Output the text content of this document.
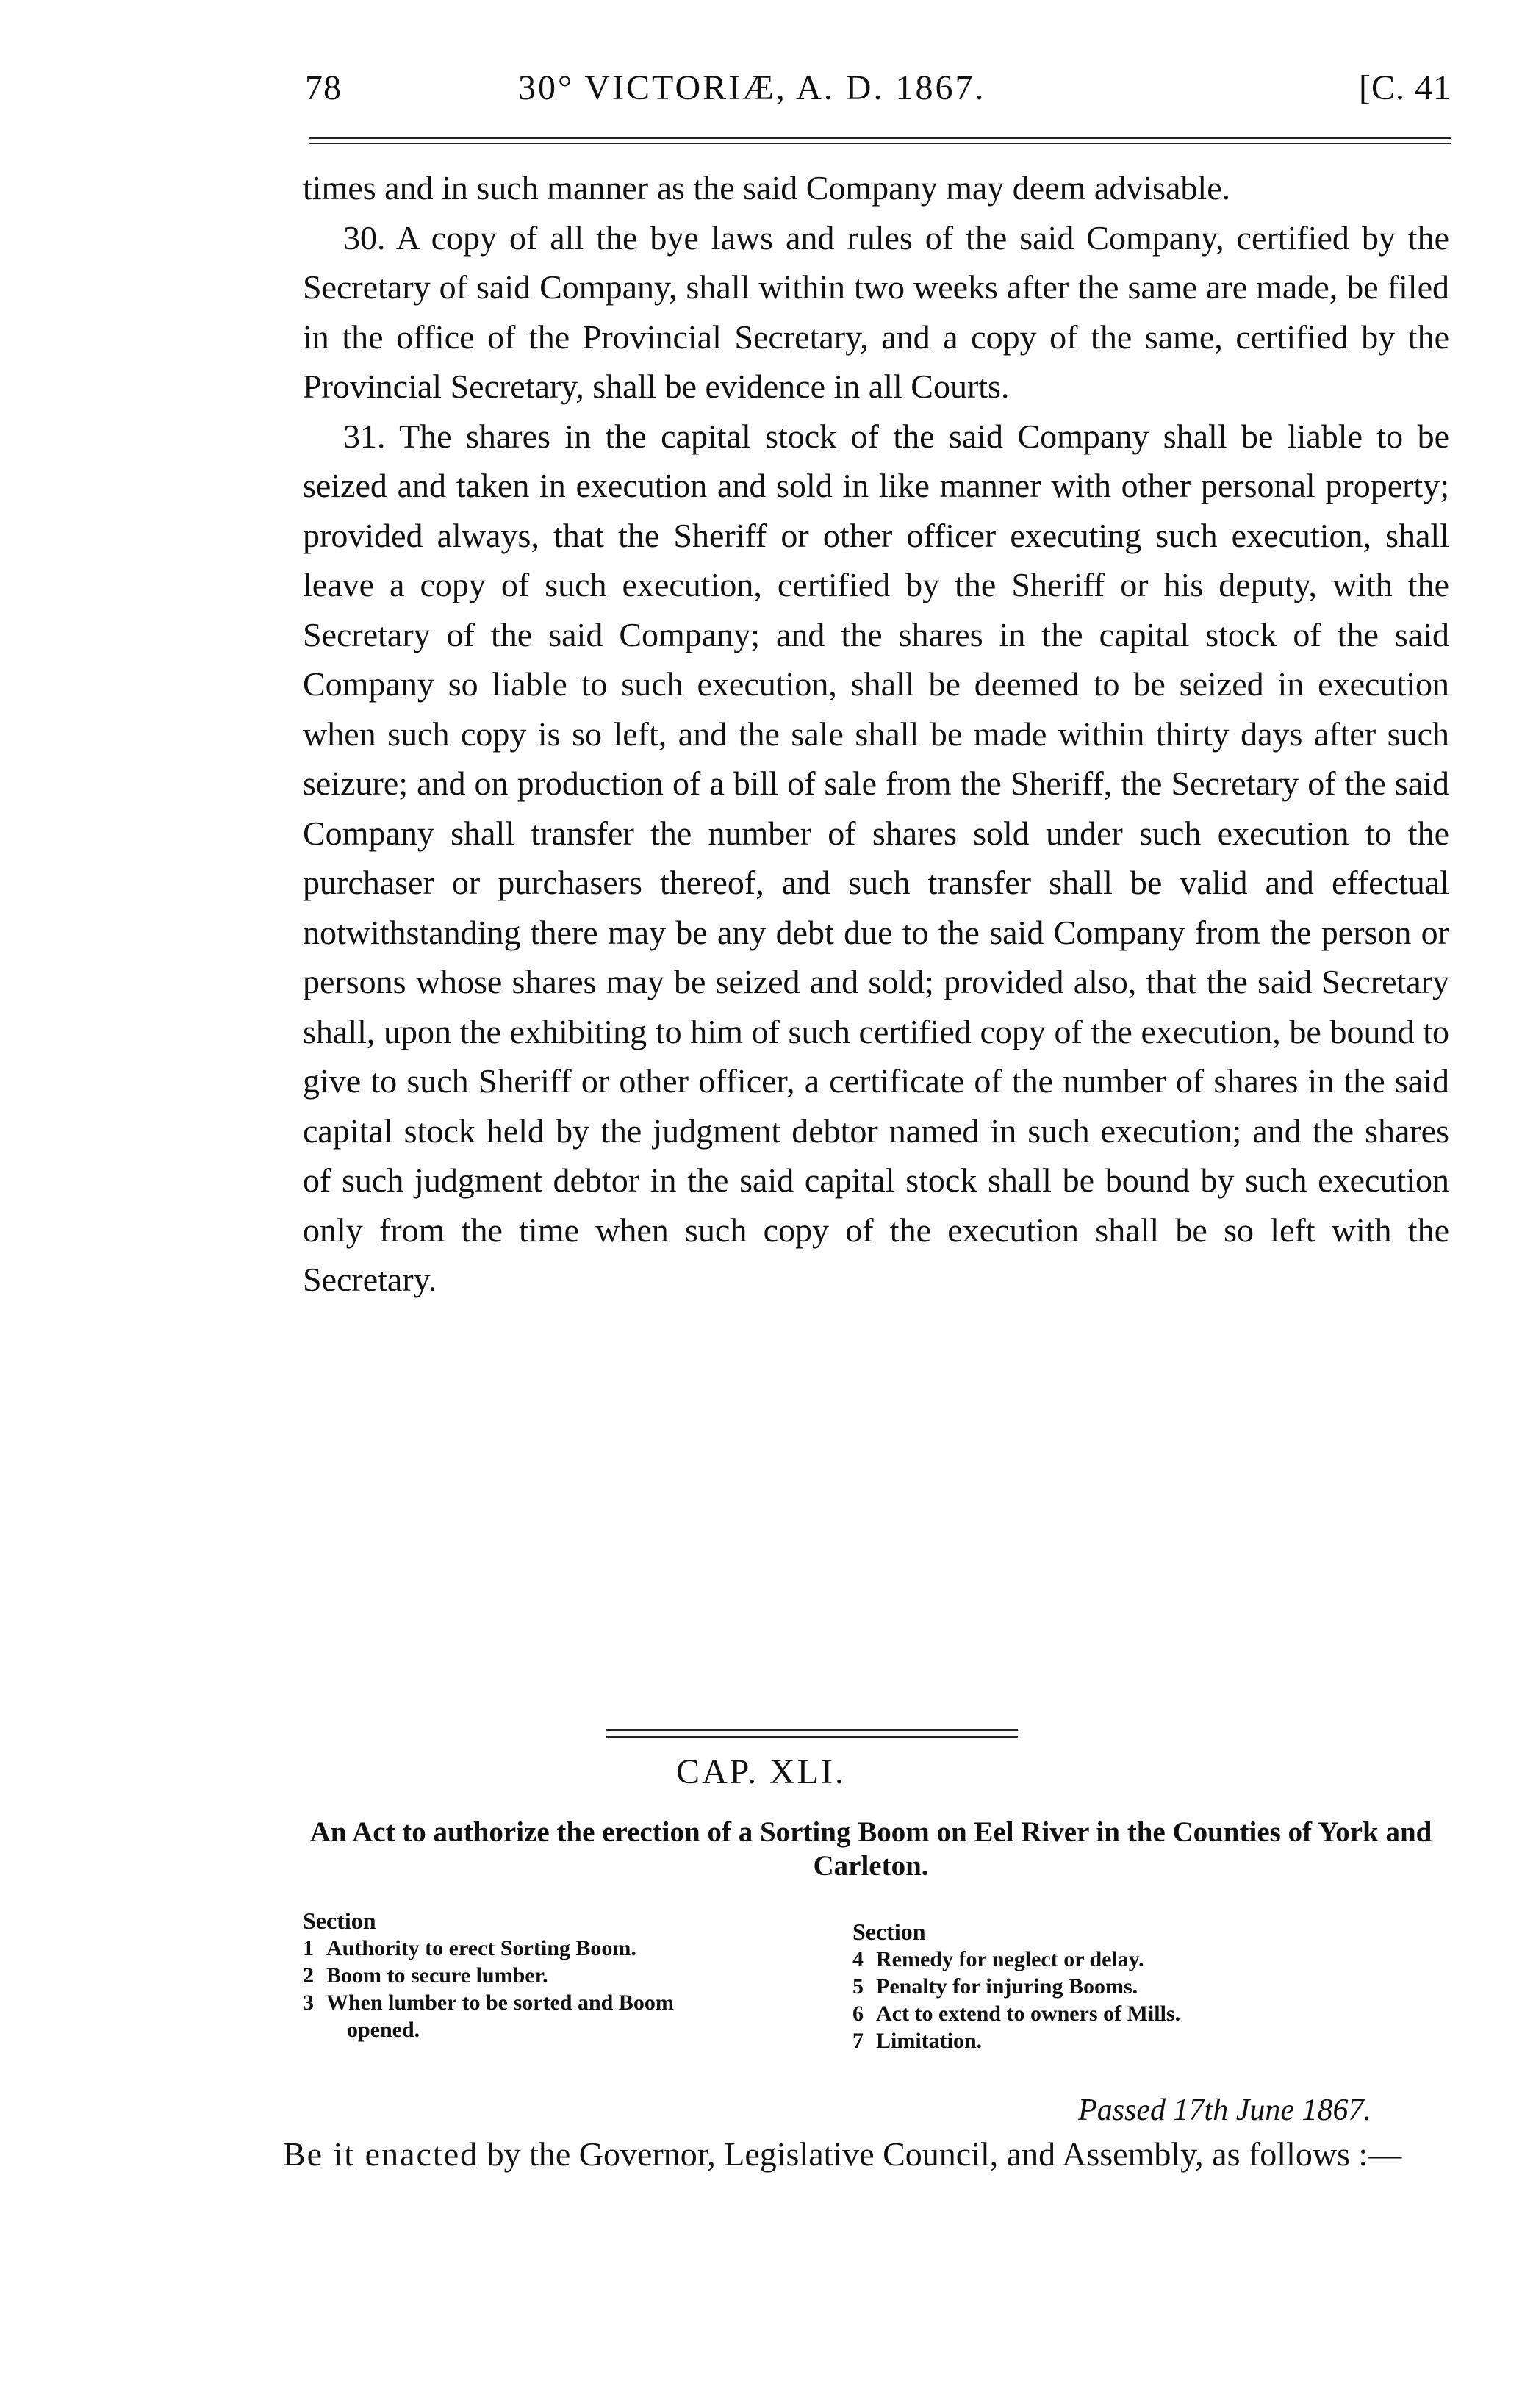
78	30° VICTORIÆ, A. D. 1867.	[C. 41

times and in such manner as the said Company may deem advisable.

30. A copy of all the bye laws and rules of the said Company, certified by the Secretary of said Company, shall within two weeks after the same are made, be filed in the office of the Provincial Secretary, and a copy of the same, certified by the Provincial Secretary, shall be evidence in all Courts.

31. The shares in the capital stock of the said Company shall be liable to be seized and taken in execution and sold in like manner with other personal property; provided always, that the Sheriff or other officer executing such execution, shall leave a copy of such execution, certified by the Sheriff or his deputy, with the Secretary of the said Company; and the shares in the capital stock of the said Company so liable to such execution, shall be deemed to be seized in execution when such copy is so left, and the sale shall be made within thirty days after such seizure; and on production of a bill of sale from the Sheriff, the Secretary of the said Company shall transfer the number of shares sold under such execution to the purchaser or purchasers thereof, and such transfer shall be valid and effectual notwithstanding there may be any debt due to the said Company from the person or persons whose shares may be seized and sold; provided also, that the said Secretary shall, upon the exhibiting to him of such certified copy of the execution, be bound to give to such Sheriff or other officer, a certificate of the number of shares in the said capital stock held by the judgment debtor named in such execution; and the shares of such judgment debtor in the said capital stock shall be bound by such execution only from the time when such copy of the execution shall be so left with the Secretary.

CAP. XLI.
An Act to authorize the erection of a Sorting Boom on Eel River in the Counties of York and Carleton.
Section
1 Authority to erect Sorting Boom.
2 Boom to secure lumber.
3 When lumber to be sorted and Boom
opened.
Section
4 Remedy for neglect or delay.
5 Penalty for injuring Booms.
6 Act to extend to owners of Mills.
7 Limitation.
Passed 17th June 1867.
Be it enacted by the Governor, Legislative Council, and Assembly, as follows :—
